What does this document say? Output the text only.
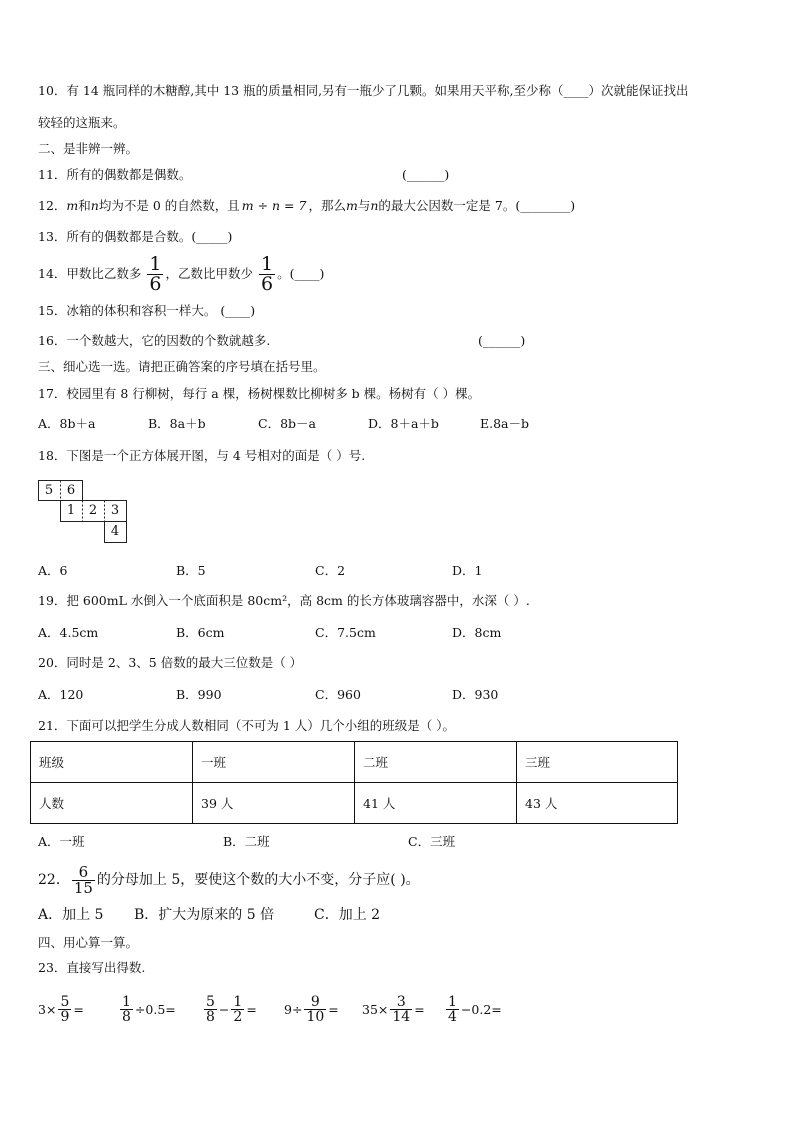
10．有 14 瓶同样的木糖醇,其中 13 瓶的质量相同,另有一瓶少了几颗。如果用天平称,至少称（____）次就能保证找出
较轻的这瓶来。
二、是非辨一辨。
11．所有的偶数都是偶数。	(______)
12．m和n均为不是 0 的自然数，且 m ÷ n = 7 ，那么m与n的最大公因数一定是 7。(________)
13．所有的偶数都是合数。(_____)
14．甲数比乙数多 $\frac{1}{6}$ ，乙数比甲数少 $\frac{1}{6}$ 。(____)
15．冰箱的体积和容积一样大。 (____)
16．一个数越大，它的因数的个数就越多.	(______)
三、细心选一选。请把正确答案的序号填在括号里。
17．校园里有 8 行柳树，每行 a 棵，杨树棵数比柳树多 b 棵。杨树有（ ）棵。
A．8b＋a	B．8a＋b	C．8b－a	D．8＋a＋b	E.8a－b
18．下图是一个正方体展开图，与 4 号相对的面是（ ）号.
5	6
1	2	3
4
A．6	B．5	C．2	D．1
19．把 600mL 水倒入一个底面积是 80cm²，高 8cm 的长方体玻璃容器中，水深（ ）.
A．4.5cm	B．6cm	C．7.5cm	D．8cm
20．同时是 2、3、5 倍数的最大三位数是（ ）
A．120	B．990	C．960	D．930
21．下面可以把学生分成人数相同（不可为 1 人）几个小组的班级是（ ）。
班级	一班	二班	三班
人数	39 人	41 人	43 人
A．一班	B．二班	C．三班
22． $\frac{6}{15}$ 的分母加上 5，要使这个数的大小不变，分子应( )。
A．加上 5 B．扩大为原来的 5 倍	C．加上 2
四、用心算一算。
23．直接写出得数.
$3\times \frac{5}{9}$ =	$\frac{1}{8} \div 0.5= \frac{5}{8} - \frac{1}{2} = 9\div \frac{9}{10} = 35\times \frac{3}{14} = \frac{1}{4} -0.2=$
